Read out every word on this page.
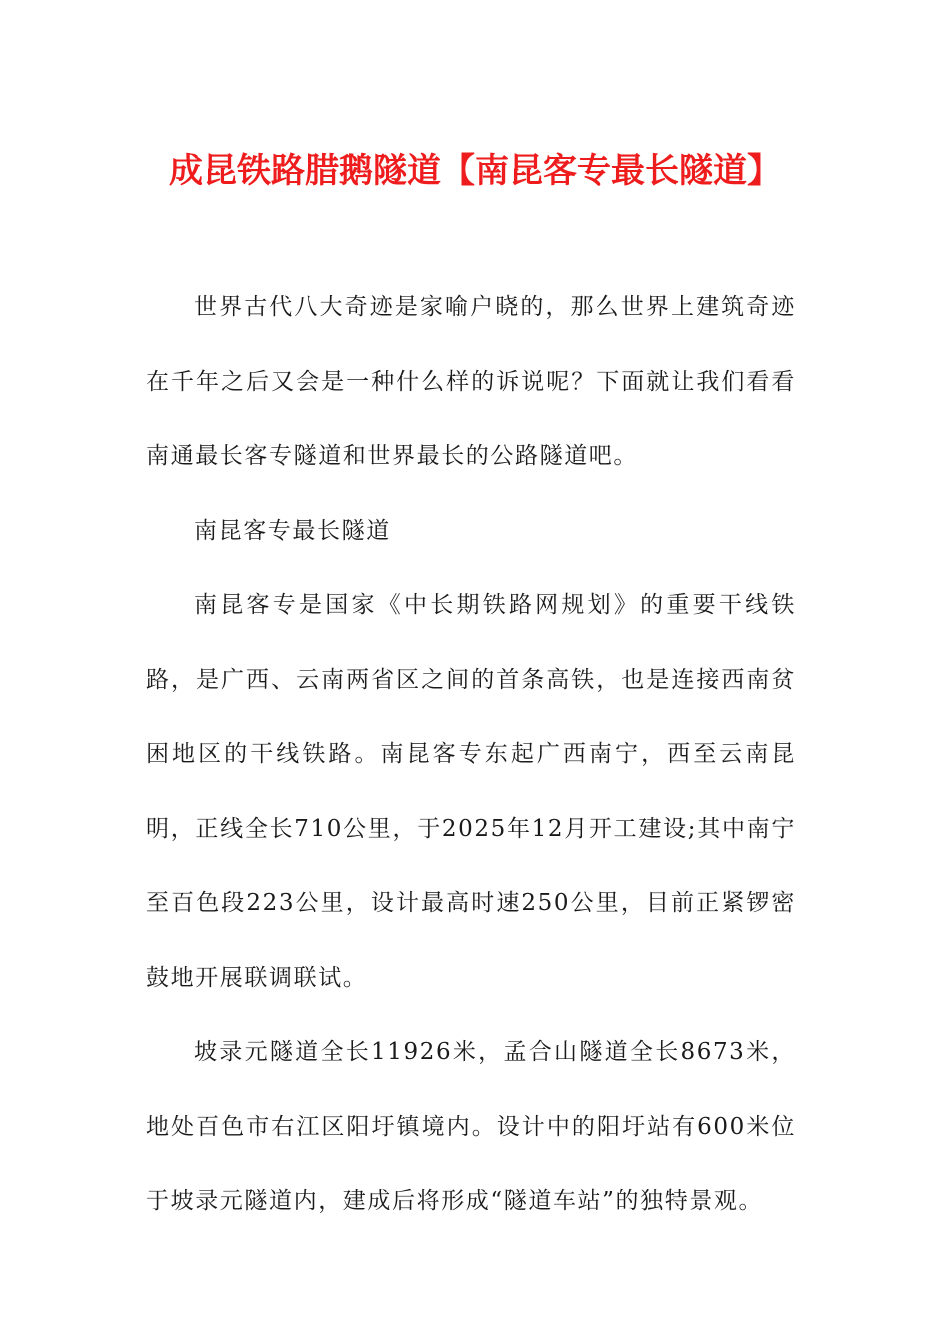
成昆铁路腊鹅隧道【南昆客专最长隧道】

世界古代八大奇迹是家喻户晓的，那么世界上建筑奇迹在千年之后又会是一种什么样的诉说呢？下面就让我们看看南通最长客专隧道和世界最长的公路隧道吧。

南昆客专最长隧道

南昆客专是国家《中长期铁路网规划》的重要干线铁路，是广西、云南两省区之间的首条高铁，也是连接西南贫困地区的干线铁路。南昆客专东起广西南宁，西至云南昆明，正线全长710公里，于2025年12月开工建设;其中南宁至百色段223公里，设计最高时速250公里，目前正紧锣密鼓地开展联调联试。

坡录元隧道全长11926米，孟合山隧道全长8673米，地处百色市右江区阳圩镇境内。设计中的阳圩站有600米位于坡录元隧道内，建成后将形成“隧道车站”的独特景观。
